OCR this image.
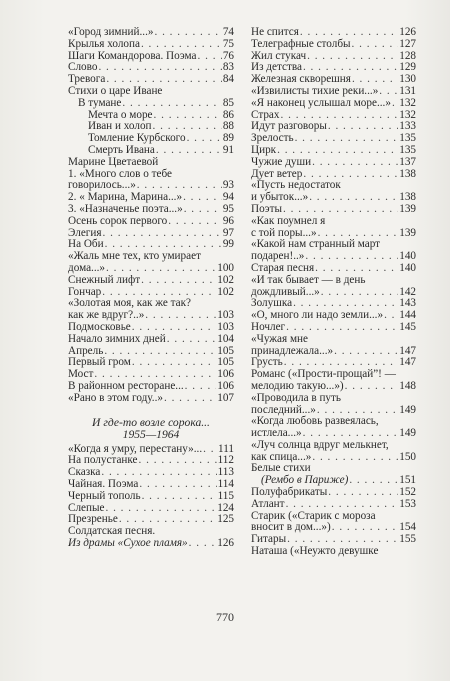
«Город зимний...» . . .	74
Крылья холопа . . .	75
Шаги Командорова. Поэма . . . 76
Слово . . .	83
Тревога . . .	84
Стихи о царе Иване
В тумане . . .	85
Мечта о море . . .	86
Иван и холоп . . .	88
Томление Курбского . . .	89
Смерть Ивана . . .	91
Марине Цветаевой
1. «Много слов о тебе
говорилось...» . . .	93
2. « Марина, Марина...» . . .	94
3. «Назначенье поэта...» . . .	95
Осень сорок первого . . .	96
Элегия . . .	97
На Оби . . .	99
«Жаль мне тех, кто умирает
дома...» . . .	100
Снежный лифт . . .	102
Гончар . . .	102
«Золотая моя, как же так?
как же вдруг?..» . . .	103
Подмосковье . . .	103
Начало зимних дней . . .	104
Апрель . . .	105
Первый гром . . .	105
Мост . . .	106
В районном ресторане... . . .	106
«Рано в этом году..» . . .	107
И где-то возле сорока...
1955—1964
«Когда я умру, перестану»... . . . 111
На полустанке . . .	112
Сказка . . .	113
Чайная. Поэма . . .	114
Черный тополь . . .	115
Слепые . . .	124
Презренье . . .	125
Солдатская песня.
Из драмы «Сухое пламя» . . .	126
Не спится . . .	126
Телеграфные столбы . . .	127
Жил стукач . . .	128
Из детства . . .	129
Железная скворешня . . .	130
«Извилисты тихие реки...» . . . 131
«Я наконец услышал море...» . . . 132
Страх . . .	132
Идут разговоры . . .	133
Зрелость . . .	135
Цирк . . .	135
Чужие души . . .	137
Дует ветер . . .	138
«Пусть недостаток
и убыток...» . . .	138
Поэты . . .	139
«Как поумнел я
с той поры...» . . .	139
«Какой нам странный март
подарен!..» . . .	140
Старая песня . . .	140
«И так бывает — в день
дождливый...» . . .	142
Золушка . . .	143
«О, много ли надо земли...» . . . 144
Ночлег . . .	145
«Чужая мне
принадлежала...» . . .	147
Грусть . . .	147
Романс («Прости-прощай”! —
мелодию такую...») . . .	148
«Проводила в путь
последний...» . . .	149
«Когда любовь развеялась,
истлела...» . . .	149
«Луч солнца вдруг мелькнет,
как спица...» . . .	150
Белые стихи
(Рембо в Париже) . . .	151
Полуфабрикаты . . .	152
Атлант . . .	153
Старик («Старик с мороза
вносит в дом...») . . .	154
Гитары . . .	155
Наташа («Неужто девушке
770
